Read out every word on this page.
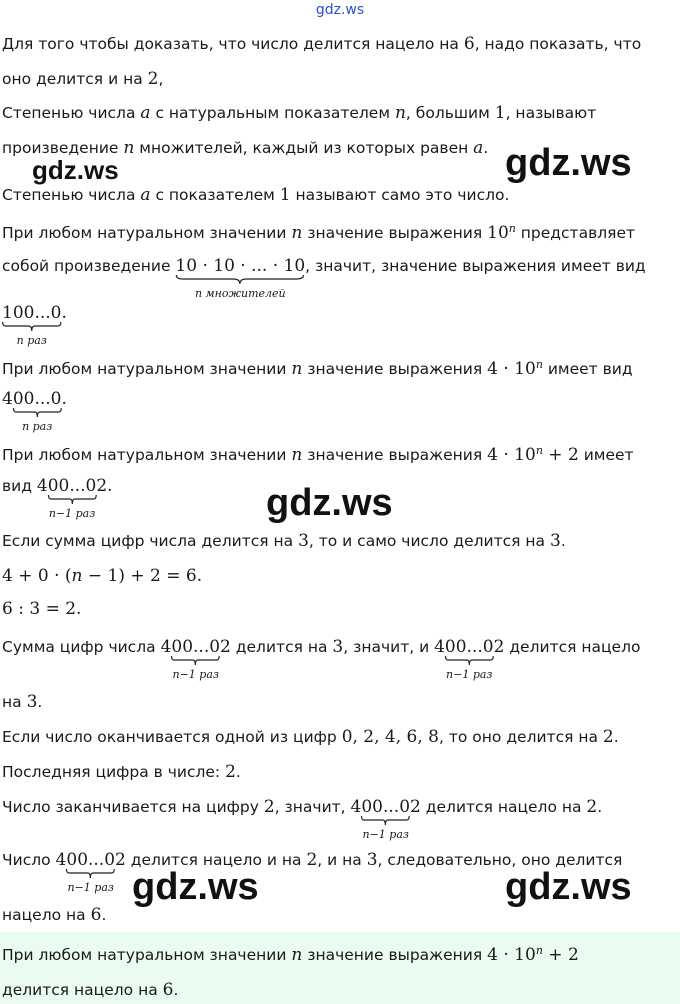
gdz.ws
Для того чтобы доказать, что число делится нацело на 6, надо показать, что
оно делится и на 2,
Степенью числа a с натуральным показателем n, большим 1, называют
произведение n множителей, каждый из которых равен a.
gdz.ws	gdz.ws
Степенью числа a с показателем 1 называют само это число.
При любом натуральном значении n значение выражения 10$^n$ представляет
собой произведение 10 · 10 · ... · 10
n множителей
, значит, значение выражения имеет вид
100...0
n раз
.
При любом натуральном значении n значение выражения $4 \cdot 10^n$ имеет вид
400...0
n раз
.
При любом натуральном значении n значение выражения $4 \cdot 10^n + 2$ имеет
вид 400...0
n−1 раз
2.	gdz.ws
Если сумма цифр числа делится на 3, то и само число делится на 3.
4 + 0 · (n − 1) + 2 = 6.
6 : 3 = 2.
Сумма цифр числа 400...0
n−1 раз
2 делится на 3, значит, и 400...0
n−1 раз
2 делится нацело
на 3.
Если число оканчивается одной из цифр 0, 2, 4, 6, 8, то оно делится на 2.
Последняя цифра в числе: 2.
Число заканчивается на цифру 2, значит, 400...0
n−1 раз
2 делится нацело на 2.
Число 400...0
n−1 раз
2 делится нацело и на 2, и на 3, следовательно, оно делится
gdz.ws	gdz.ws
нацело на 6.
При любом натуральном значении n значение выражения $4 \cdot 10^n + 2$
делится нацело на 6.
